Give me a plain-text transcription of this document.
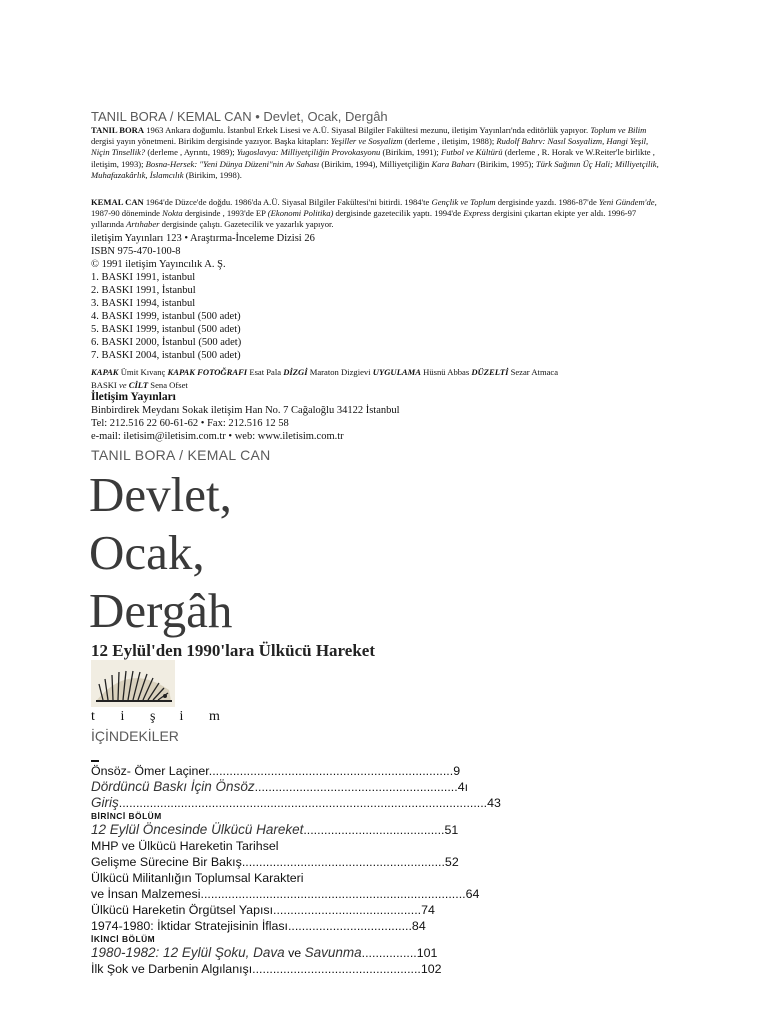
TANIL BORA / KEMAL CAN • Devlet, Ocak, Dergâh
TANIL BORA 1963 Ankara doğumlu. İstanbul Erkek Lisesi ve A.Ü. Siyasal Bilgiler Fakültesi mezunu, iletişim Yayınları'nda editörlük yapıyor. Toplum ve Bilim dergisi yayın yönetmeni. Birikim dergisinde yazıyor. Başka kitapları: Yeşiller ve Sosyalizm (derleme , iletişim, 1988); Rudolf Bahrv: Nasıl Sosyalizm, Hangi Yeşil, Niçin Tinsellik? (derleme , Ayrıntı, 1989); Yugoslavya: Milliyetçiliğin Provokasyonu (Birikim, 1991); Futbol ve Kültürü (derleme , R. Horak ve W.Reiter'le birlikte , iletişim, 1993); Bosna-Hersek: "Yeni Dünya Düzeni"nin Av Sahası (Birikim, 1994), Milliyetçiliğin Kara Baharı (Birikim, 1995); Türk Sağının Üç Hali; Milliyetçilik, Muhafazakârlık, İslamcılık (Birikim, 1998).
KEMAL CAN 1964'de Düzce'de doğdu. 1986'da A.Ü. Siyasal Bilgiler Fakültesi'ni bitirdi. 1984'te Gençlik ve Toplum dergisinde yazdı. 1986-87'de Yeni Gündem'de, 1987-90 döneminde Nokta dergisinde , 1993'de EP (Ekonomi Politika) dergisinde gazetecilik yaptı. 1994'de Express dergisini çıkartan ekipte yer aldı. 1996-97 yıllarında Artıhaber dergisinde çalıştı. Gazetecilik ve yazarlık yapıyor.
iletişim Yayınları 123 • Araştırma-İnceleme Dizisi 26
ISBN 975-470-100-8
© 1991 iletişim Yayıncılık A. Ş.
1. BASKI 1991, istanbul
2. BASKI 1991, İstanbul
3. BASKI 1994, istanbul
4. BASKI 1999, istanbul (500 adet)
5. BASKI 1999, istanbul (500 adet)
6. BASKI 2000, İstanbul (500 adet)
7. BASKI 2004, istanbul (500 adet)
KAPAK Ümit Kıvanç KAPAK FOTOĞRAFI Esat Pala DİZGİ Maraton Dizgievi UYGULAMA Hüsnü Abbas DÜZELTİ Sezar Atmaca
BASKI ve CİLT Sena Ofset
İletişim Yayınları
Binbirdirek Meydanı Sokak iletişim Han No. 7 Cağaloğlu 34122 İstanbul
Tel: 212.516 22 60-61-62 • Fax: 212.516 12 58
e-mail: iletisim@iletisim.com.tr • web: www.iletisim.com.tr
TANIL BORA / KEMAL CAN
Devlet,
Ocak,
Dergâh
12 Eylül'den 1990'lara Ülkücü Hareket
t i ş i m
İÇİNDEKİLER
Önsöz- Ömer Laçiner.......................................................................9
Dördüncü Baskı İçin Önsöz...........................................................4ı
Giriş...........................................................................................................43
BİRİNCİ BÖLÜM
12 Eylül Öncesinde Ülkücü Hareket.........................................51
MHP ve Ülkücü Hareketin Tarihsel
Gelişme Sürecine Bir Bakış...........................................................52
Ülkücü Militanlığın Toplumsal Karakteri
ve İnsan Malzemesi.............................................................................64
Ülkücü Hareketin Örgütsel Yapısı...........................................74
1974-1980: İktidar Stratejisinin İflası....................................84
İKİNCİ BÖLÜM
1980-1982: 12 Eylül Şoku, Dava ve Savunma................101
İlk Şok ve Darbenin Algılanışı.................................................102
